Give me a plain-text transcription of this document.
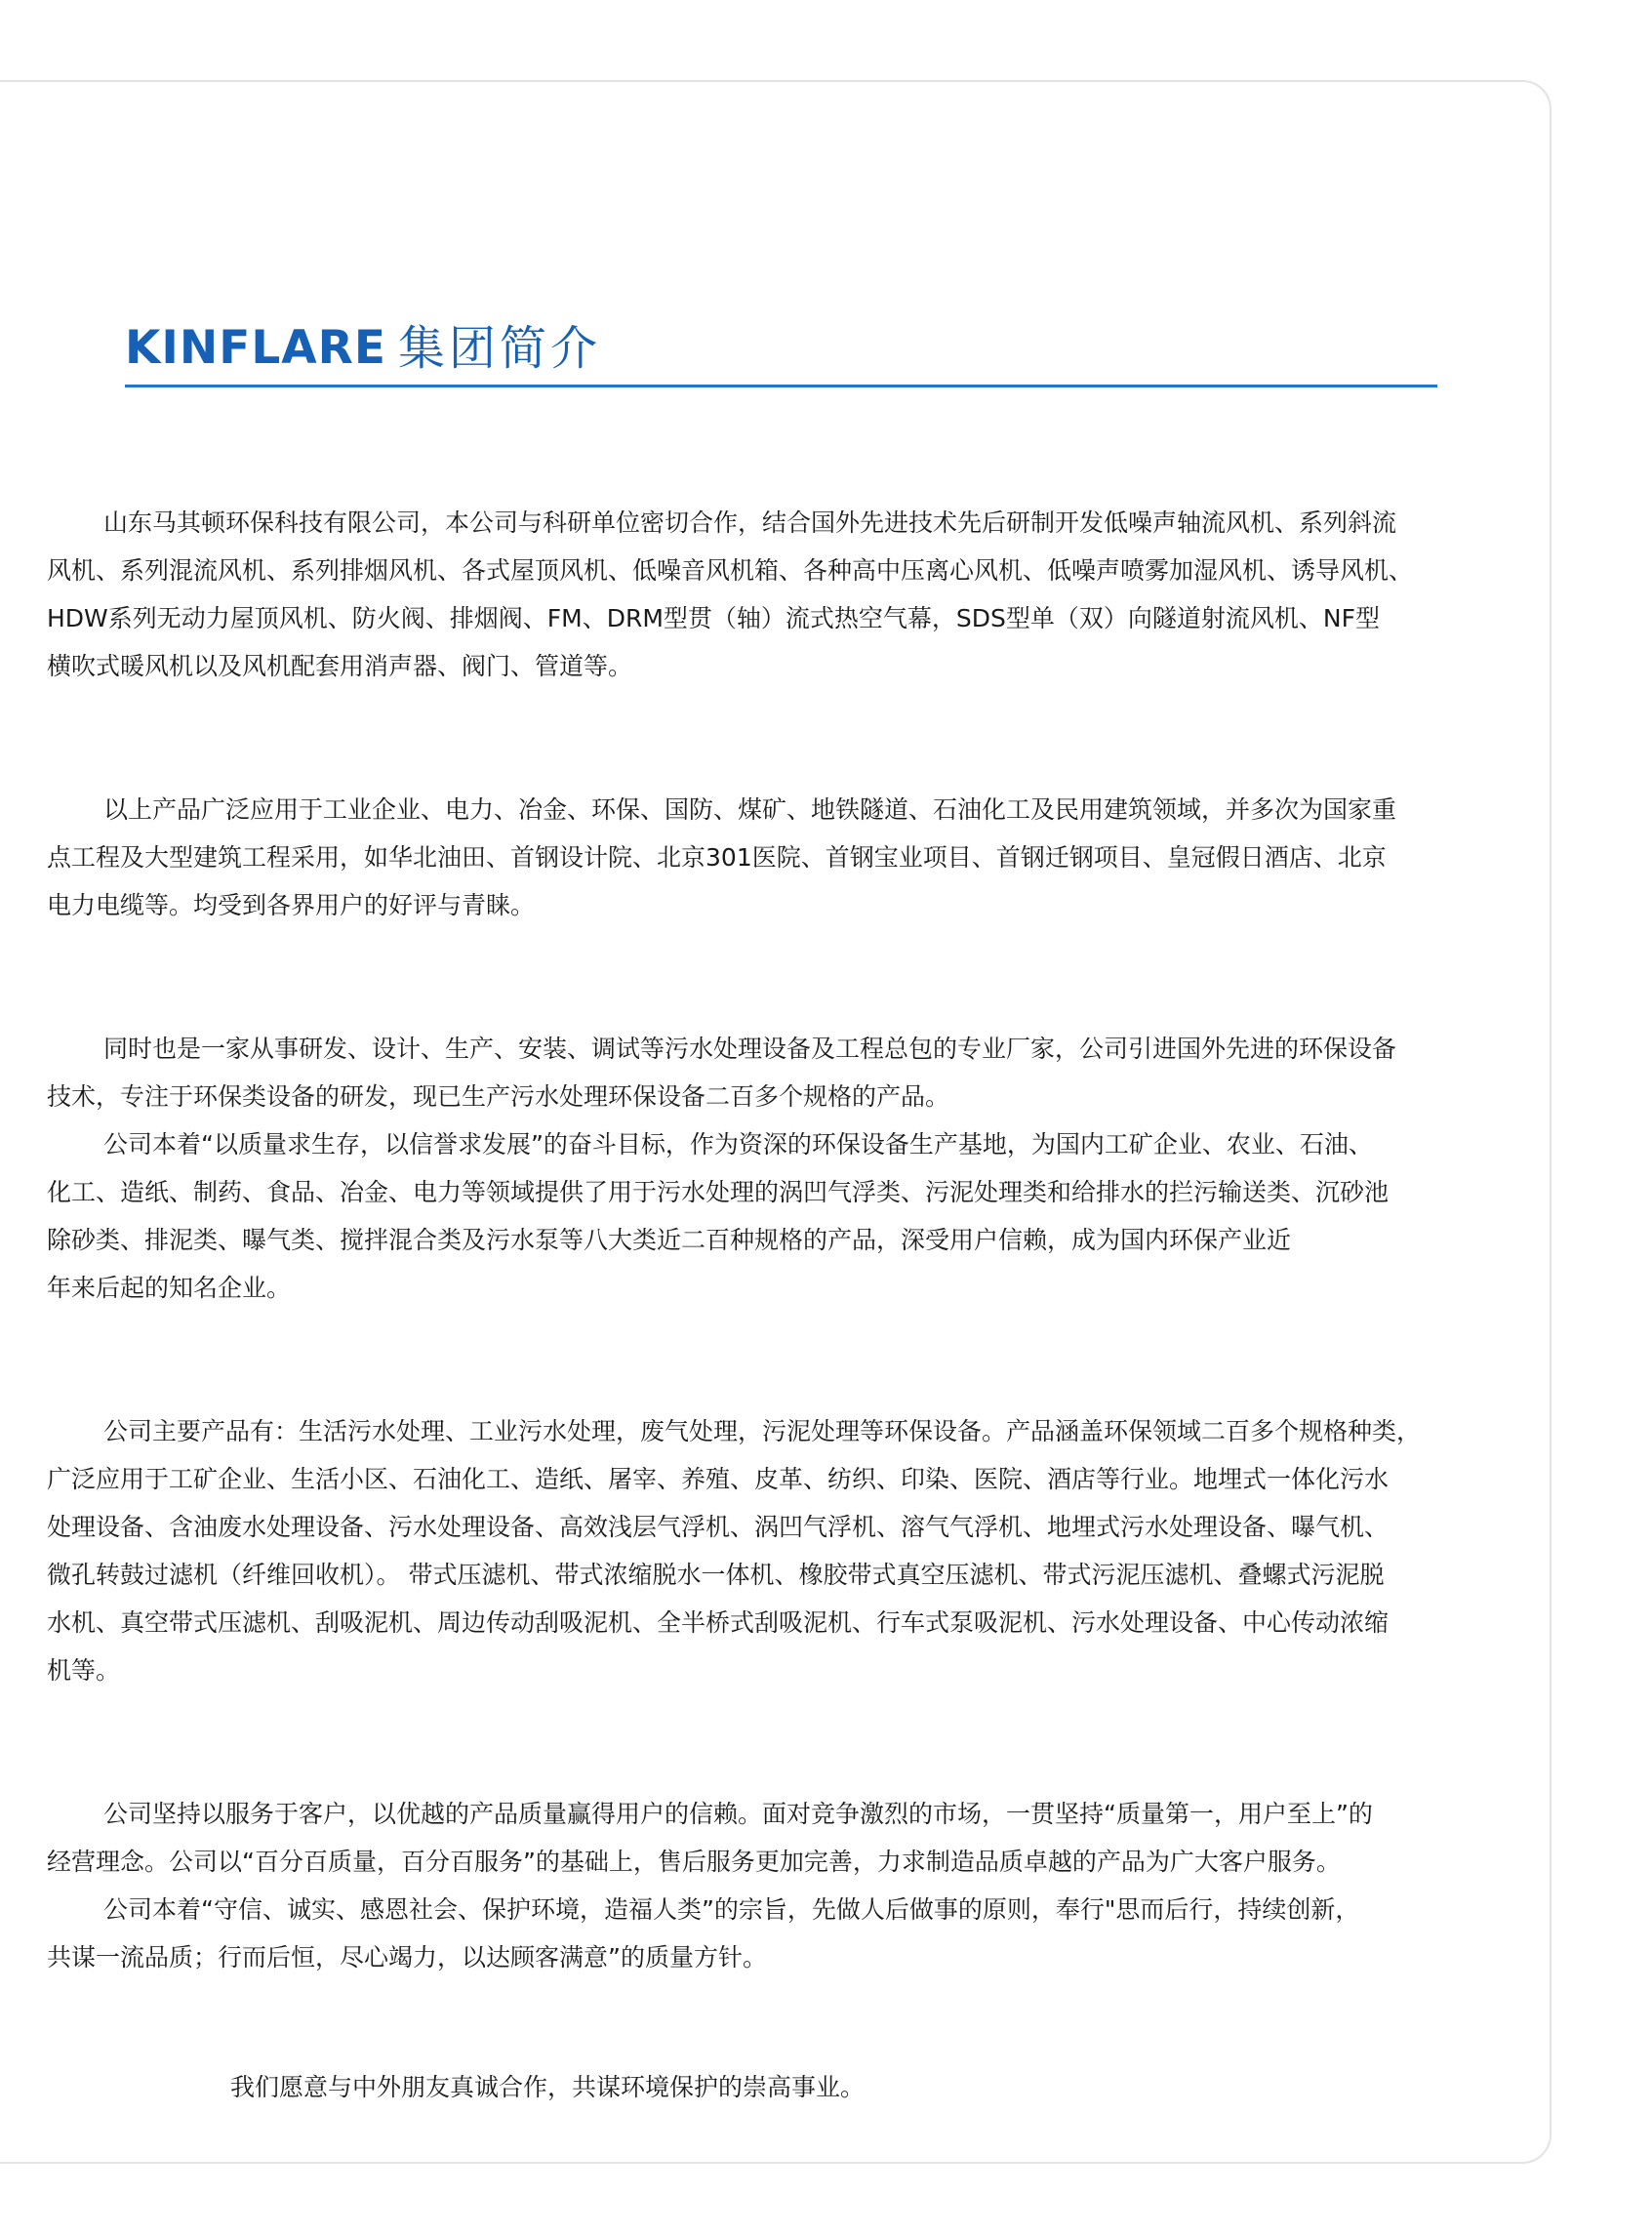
KINFLARE 集团简介

山东马其顿环保科技有限公司，本公司与科研单位密切合作，结合国外先进技术先后研制开发低噪声轴流风机、系列斜流
风机、系列混流风机、系列排烟风机、各式屋顶风机、低噪音风机箱、各种高中压离心风机、低噪声喷雾加湿风机、诱导风机、
HDW系列无动力屋顶风机、防火阀、排烟阀、FM、DRM型贯（轴）流式热空气幕，SDS型单（双）向隧道射流风机、NF型
横吹式暖风机以及风机配套用消声器、阀门、管道等。

以上产品广泛应用于工业企业、电力、冶金、环保、国防、煤矿、地铁隧道、石油化工及民用建筑领域，并多次为国家重
点工程及大型建筑工程采用，如华北油田、首钢设计院、北京301医院、首钢宝业项目、首钢迁钢项目、皇冠假日酒店、北京
电力电缆等。均受到各界用户的好评与青睐。

同时也是一家从事研发、设计、生产、安装、调试等污水处理设备及工程总包的专业厂家，公司引进国外先进的环保设备
技术，专注于环保类设备的研发，现已生产污水处理环保设备二百多个规格的产品。
公司本着“以质量求生存，以信誉求发展”的奋斗目标，作为资深的环保设备生产基地，为国内工矿企业、农业、石油、
化工、造纸、制药、食品、冶金、电力等领域提供了用于污水处理的涡凹气浮类、污泥处理类和给排水的拦污输送类、沉砂池
除砂类、排泥类、曝气类、搅拌混合类及污水泵等八大类近二百种规格的产品，深受用户信赖，成为国内环保产业近
年来后起的知名企业。

公司主要产品有：生活污水处理、工业污水处理，废气处理，污泥处理等环保设备。产品涵盖环保领域二百多个规格种类，
广泛应用于工矿企业、生活小区、石油化工、造纸、屠宰、养殖、皮革、纺织、印染、医院、酒店等行业。地埋式一体化污水
处理设备、含油废水处理设备、污水处理设备、高效浅层气浮机、涡凹气浮机、溶气气浮机、地埋式污水处理设备、曝气机、
微孔转鼓过滤机（纤维回收机）。 带式压滤机、带式浓缩脱水一体机、橡胶带式真空压滤机、带式污泥压滤机、叠螺式污泥脱
水机、真空带式压滤机、刮吸泥机、周边传动刮吸泥机、全半桥式刮吸泥机、行车式泵吸泥机、污水处理设备、中心传动浓缩
机等。

公司坚持以服务于客户，以优越的产品质量赢得用户的信赖。面对竞争激烈的市场，一贯坚持“质量第一，用户至上”的
经营理念。公司以“百分百质量，百分百服务”的基础上，售后服务更加完善，力求制造品质卓越的产品为广大客户服务。
公司本着“守信、诚实、感恩社会、保护环境，造福人类”的宗旨，先做人后做事的原则，奉行"思而后行，持续创新，
共谋一流品质；行而后恒，尽心竭力，以达顾客满意”的质量方针。

我们愿意与中外朋友真诚合作，共谋环境保护的崇高事业。
